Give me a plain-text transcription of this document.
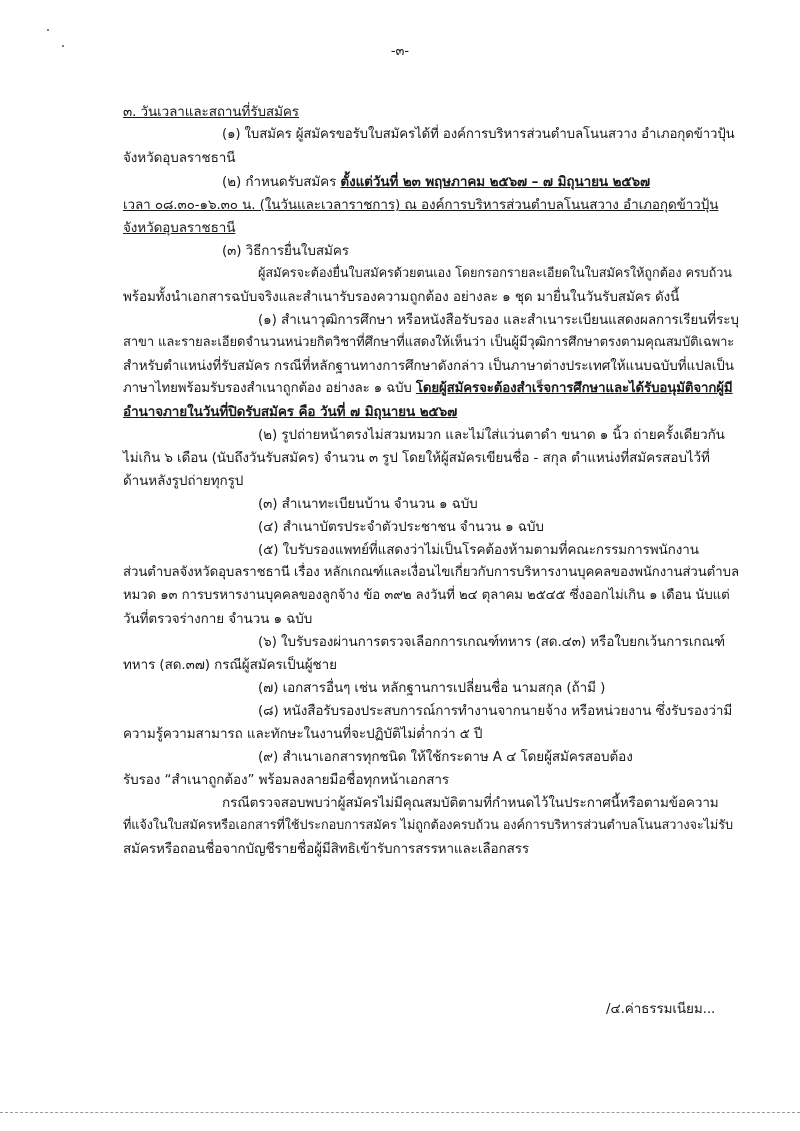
-๓-
๓. วันเวลาและสถานที่รับสมัคร
(๑) ใบสมัคร ผู้สมัครขอรับใบสมัครได้ที่ องค์การบริหารส่วนตำบลโนนสวาง อำเภอกุดข้าวปุ้น
จังหวัดอุบลราชธานี
(๒) กำหนดรับสมัคร ตั้งแต่วันที่ ๒๓ พฤษภาคม ๒๕๖๗ – ๗ มิถุนายน ๒๕๖๗
เวลา ๐๘.๓๐-๑๖.๓๐ น. (ในวันและเวลาราชการ) ณ องค์การบริหารส่วนตำบลโนนสวาง อำเภอกุดข้าวปุ้น
จังหวัดอุบลราชธานี
(๓) วิธีการยื่นใบสมัคร
ผู้สมัครจะต้องยื่นใบสมัครด้วยตนเอง โดยกรอกรายละเอียดในใบสมัครให้ถูกต้อง ครบถ้วน
พร้อมทั้งนำเอกสารฉบับจริงและสำเนารับรองความถูกต้อง อย่างละ ๑ ชุด มายื่นในวันรับสมัคร ดังนี้
(๑) สำเนาวุฒิการศึกษา หรือหนังสือรับรอง และสำเนาระเบียนแสดงผลการเรียนที่ระบุ
สาขา และรายละเอียดจำนวนหน่วยกิตวิชาที่ศึกษาที่แสดงให้เห็นว่า เป็นผู้มีวุฒิการศึกษาตรงตามคุณสมบัติเฉพาะ
สำหรับตำแหน่งที่รับสมัคร กรณีที่หลักฐานทางการศึกษาดังกล่าว เป็นภาษาต่างประเทศให้แนบฉบับที่แปลเป็น
ภาษาไทยพร้อมรับรองสำเนาถูกต้อง อย่างละ ๑ ฉบับ โดยผู้สมัครจะต้องสำเร็จการศึกษาและได้รับอนุมัติจากผู้มี
อำนาจภายในวันที่ปิดรับสมัคร คือ วันที่ ๗ มิถุนายน ๒๕๖๗
(๒) รูปถ่ายหน้าตรงไม่สวมหมวก และไม่ใส่แว่นตาดำ ขนาด ๑ นิ้ว ถ่ายครั้งเดียวกัน
ไม่เกิน ๖ เดือน (นับถึงวันรับสมัคร) จำนวน ๓ รูป โดยให้ผู้สมัครเขียนชื่อ - สกุล ตำแหน่งที่สมัครสอบไว้ที่
ด้านหลังรูปถ่ายทุกรูป
(๓) สำเนาทะเบียนบ้าน จำนวน ๑ ฉบับ
(๔) สำเนาบัตรประจำตัวประชาชน จำนวน ๑ ฉบับ
(๕) ใบรับรองแพทย์ที่แสดงว่าไม่เป็นโรคต้องห้ามตามที่คณะกรรมการพนักงาน
ส่วนตำบลจังหวัดอุบลราชธานี เรื่อง หลักเกณฑ์และเงื่อนไขเกี่ยวกับการบริหารงานบุคคลของพนักงานส่วนตำบล
หมวด ๑๓ การบรหารงานบุคคลของลูกจ้าง ข้อ ๓๙๒ ลงวันที่ ๒๔ ตุลาคม ๒๕๔๕ ซึ่งออกไม่เกิน ๑ เดือน นับแต่
วันที่ตรวจร่างกาย จำนวน ๑ ฉบับ
(๖) ใบรับรองผ่านการตรวจเลือกการเกณฑ์ทหาร (สด.๔๓) หรือใบยกเว้นการเกณฑ์
ทหาร (สด.๓๗) กรณีผู้สมัครเป็นผู้ชาย
(๗) เอกสารอื่นๆ เช่น หลักฐานการเปลี่ยนชื่อ นามสกุล (ถ้ามี )
(๘) หนังสือรับรองประสบการณ์การทำงานจากนายจ้าง หรือหน่วยงาน ซึ่งรับรองว่ามี
ความรู้ความสามารถ และทักษะในงานที่จะปฏิบัติไม่ต่ำกว่า ๕ ปี
(๙) สำเนาเอกสารทุกชนิด ให้ใช้กระดาษ A ๔ โดยผู้สมัครสอบต้อง
รับรอง “สำเนาถูกต้อง” พร้อมลงลายมือชื่อทุกหน้าเอกสาร
กรณีตรวจสอบพบว่าผู้สมัครไม่มีคุณสมบัติตามที่กำหนดไว้ในประกาศนี้หรือตามข้อความ
ที่แจ้งในใบสมัครหรือเอกสารที่ใช้ประกอบการสมัคร ไม่ถูกต้องครบถ้วน องค์การบริหารส่วนตำบลโนนสวางจะไม่รับ
สมัครหรือถอนชื่อจากบัญชีรายชื่อผู้มีสิทธิเข้ารับการสรรหาและเลือกสรร
/๔.ค่าธรรมเนียม...
